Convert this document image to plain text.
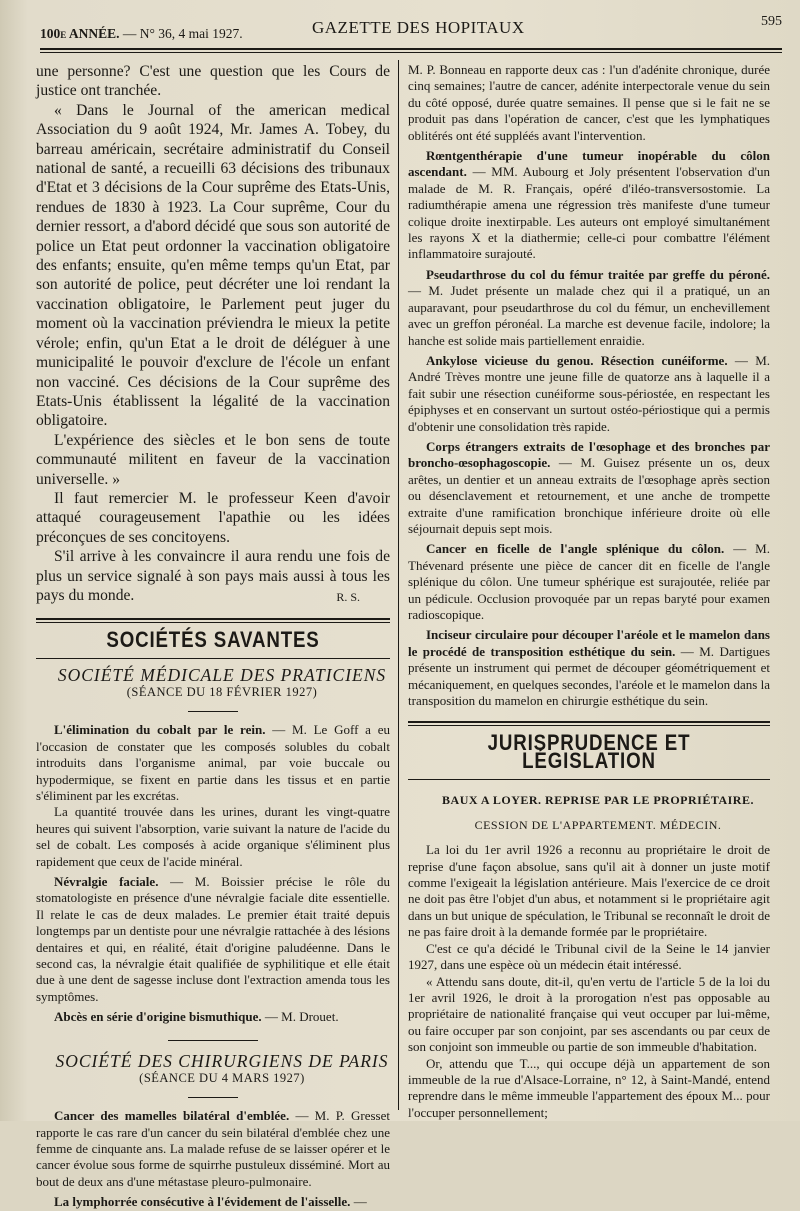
100e ANNÉE. — N° 36, 4 mai 1927.	GAZETTE DES HOPITAUX	595

une personne? C'est une question que les Cours de justice ont tranchée.

« Dans le Journal of the american medical Association du 9 août 1924, Mr. James A. Tobey, du barreau américain, secrétaire administratif du Conseil national de santé, a recueilli 63 décisions des tribunaux d'Etat et 3 décisions de la Cour suprême des Etats-Unis, rendues de 1830 à 1923. La Cour suprême, Cour du dernier ressort, a d'abord décidé que sous son autorité de police un Etat peut ordonner la vaccination obligatoire des enfants; ensuite, qu'en même temps qu'un Etat, par son autorité de police, peut décréter une loi rendant la vaccination obligatoire, le Parlement peut juger du moment où la vaccination préviendra le mieux la petite vérole; enfin, qu'un Etat a le droit de déléguer à une municipalité le pouvoir d'exclure de l'école un enfant non vacciné. Ces décisions de la Cour suprême des Etats-Unis établissent la légalité de la vaccination obligatoire.

L'expérience des siècles et le bon sens de toute communauté militent en faveur de la vaccination universelle. »

Il faut remercier M. le professeur Keen d'avoir attaqué courageusement l'apathie ou les idées préconçues de ses concitoyens.

S'il arrive à les convaincre il aura rendu une fois de plus un service signalé à son pays mais aussi à tous les pays du monde.	R. S.
SOCIÉTÉS SAVANTES

SOCIÉTÉ MÉDICALE DES PRATICIENS

(SÉANCE DU 18 FÉVRIER 1927)

L'élimination du cobalt par le rein. — M. Le Goff a eu l'occasion de constater que les composés solubles du cobalt introduits dans l'organisme animal, par voie buccale ou hypodermique, se fixent en partie dans les tissus et en partie s'éliminent par les excrétas.

La quantité trouvée dans les urines, durant les vingt-quatre heures qui suivent l'absorption, varie suivant la nature de l'acide du sel de cobalt. Les composés à acide organique s'éliminent plus rapidement que ceux de l'acide minéral.

Névralgie faciale. — M. Boissier précise le rôle du stomatologiste en présence d'une névralgie faciale dite essentielle. Il relate le cas de deux malades. Le premier était traité depuis longtemps par un dentiste pour une névralgie rattachée à des lésions dentaires et qui, en réalité, était d'origine paludéenne. Dans le second cas, la névralgie était qualifiée de syphilitique et elle était due à une dent de sagesse incluse dont l'extraction amenda tous les symptômes.

Abcès en série d'origine bismuthique. — M. Drouet.

SOCIÉTÉ DES CHIRURGIENS DE PARIS

(SÉANCE DU 4 MARS 1927)

Cancer des mamelles bilatéral d'emblée. — M. P. Gresset rapporte le cas rare d'un cancer du sein bilatéral d'emblée chez une femme de cinquante ans. La malade refuse de se laisser opérer et le cancer évolue sous forme de squirrhe pustuleux disséminé. Mort au bout de deux ans d'une métastase pleuro-pulmonaire.

La lymphorrée consécutive à l'évidement de l'aisselle. —

M. P. Bonneau en rapporte deux cas : l'un d'adénite chronique, durée cinq semaines; l'autre de cancer, adénite interpectorale venue du sein du côté opposé, durée quatre semaines. Il pense que si le fait ne se produit pas dans l'opération de cancer, c'est que les lymphatiques oblitérés ont été suppléés avant l'intervention.

Rœntgenthérapie d'une tumeur inopérable du côlon ascendant. — MM. Aubourg et Joly présentent l'observation d'un malade de M. R. Français, opéré d'iléo-transversostomie. La radiumthérapie amena une régression très manifeste d'une tumeur colique droite inextirpable. Les auteurs ont employé simultanément les rayons X et la diathermie; celle-ci pour combattre l'élément inflammatoire surajouté.

Pseudarthrose du col du fémur traitée par greffe du péroné. — M. Judet présente un malade chez qui il a pratiqué, un an auparavant, pour pseudarthrose du col du fémur, un enchevillement avec un greffon péronéal. La marche est devenue facile, indolore; la hanche est solide mais partiellement enraidie.

Ankylose vicieuse du genou. Résection cunéiforme. — M. André Trèves montre une jeune fille de quatorze ans à laquelle il a fait subir une résection cunéiforme sous-périostée, en respectant les épiphyses et en conservant un surtout ostéo-périostique qui a permis d'obtenir une consolidation très rapide.

Corps étrangers extraits de l'œsophage et des bronches par broncho-œsophagoscopie. — M. Guisez présente un os, deux arêtes, un dentier et un anneau extraits de l'œsophage après section ou désenclavement et retournement, et une anche de trompette extraite d'une ramification bronchique inférieure droite où elle séjournait depuis sept mois.

Cancer en ficelle de l'angle splénique du côlon. — M. Thévenard présente une pièce de cancer dit en ficelle de l'angle splénique du côlon. Une tumeur sphérique est surajoutée, reliée par un pédicule. Occlusion provoquée par un repas baryté pour examen radioscopique.

Inciseur circulaire pour découper l'aréole et le mamelon dans le procédé de transposition esthétique du sein. — M. Dartigues présente un instrument qui permet de découper géométriquement et mécaniquement, en quelques secondes, l'aréole et le mamelon dans la transposition du mamelon en chirurgie esthétique du sein.

JURISPRUDENCE ET LÉGISLATION

BAUX A LOYER. REPRISE PAR LE PROPRIÉTAIRE.

CESSION DE L'APPARTEMENT. MÉDECIN.

La loi du 1er avril 1926 a reconnu au propriétaire le droit de reprise d'une façon absolue, sans qu'il ait à donner un juste motif comme l'exigeait la législation antérieure. Mais l'exercice de ce droit ne doit pas être l'objet d'un abus, et notamment si le propriétaire agit dans un but unique de spéculation, le Tribunal se reconnaît le droit de ne pas faire droit à la demande formée par le propriétaire.

C'est ce qu'a décidé le Tribunal civil de la Seine le 14 janvier 1927, dans une espèce où un médecin était intéressé.

« Attendu sans doute, dit-il, qu'en vertu de l'article 5 de la loi du 1er avril 1926, le droit à la prorogation n'est pas opposable au propriétaire de nationalité française qui veut occuper par lui-même, ou faire occuper par son conjoint, par ses ascendants ou par ceux de son conjoint son immeuble ou partie de son immeuble d'habitation.

Or, attendu que T..., qui occupe déjà un appartement de son immeuble de la rue d'Alsace-Lorraine, n° 12, à Saint-Mandé, entend reprendre dans le même immeuble l'appartement des époux M... pour l'occuper personnellement;
